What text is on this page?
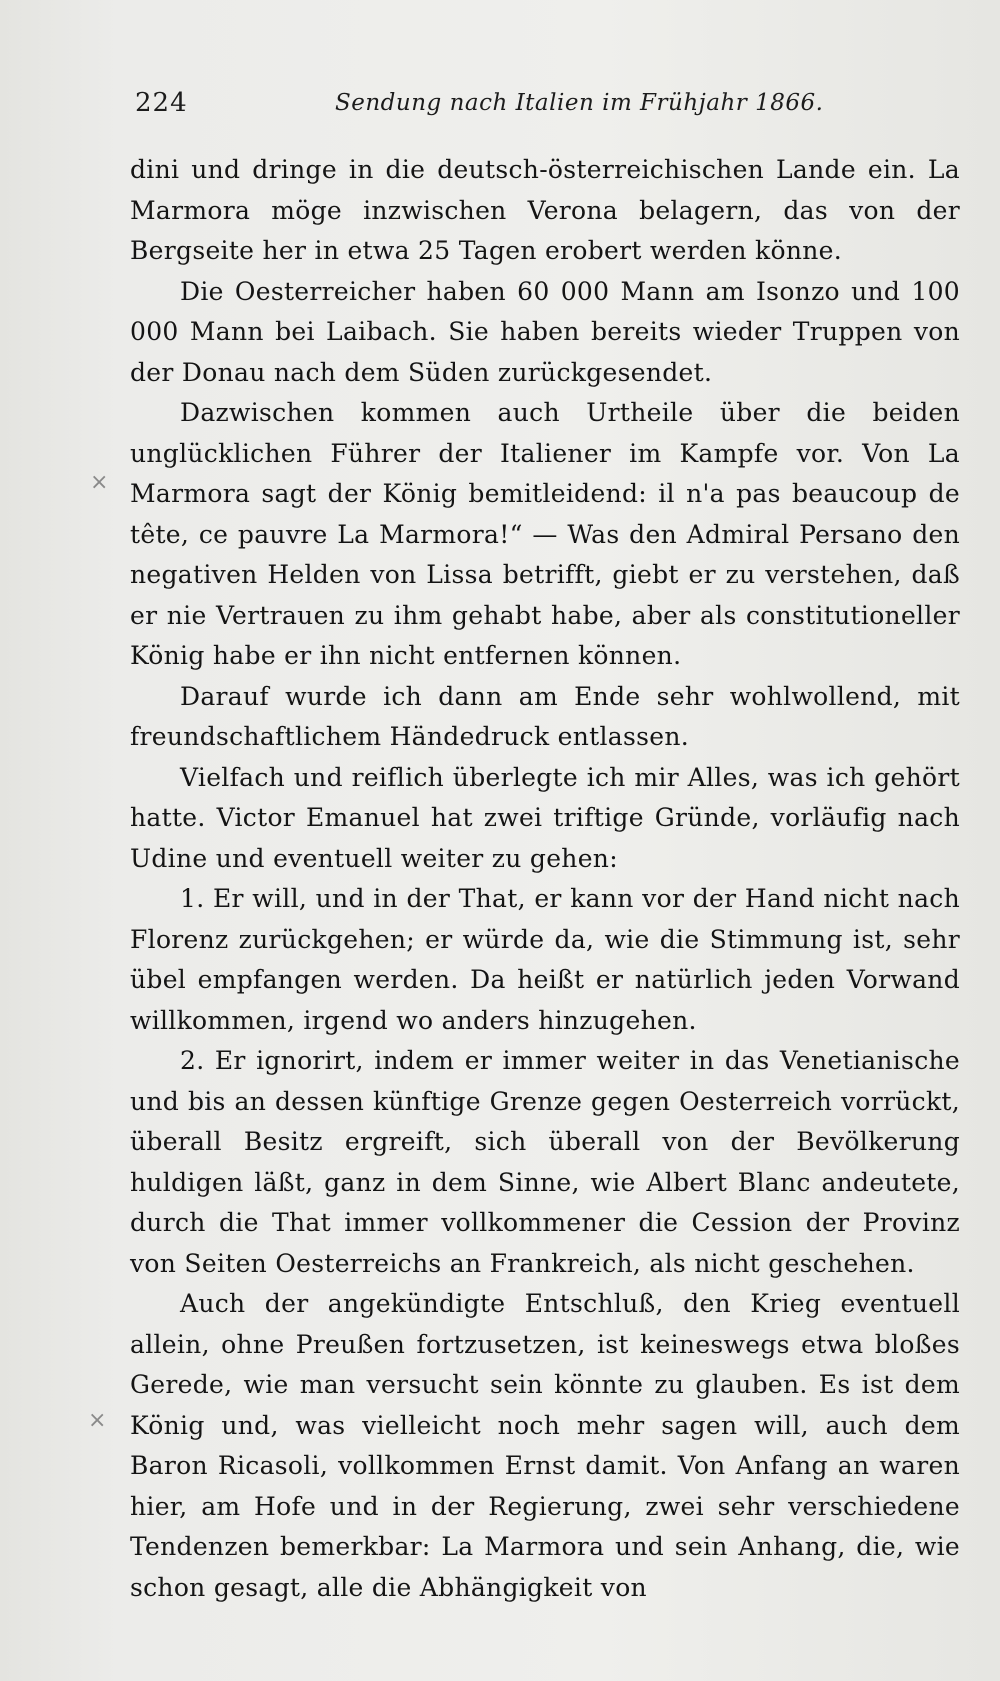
224	Sendung nach Italien im Frühjahr 1866.
×
×

dini und dringe in die deutsch-österreichischen Lande ein. La Marmora möge inzwischen Verona belagern, das von der Bergseite her in etwa 25 Tagen erobert werden könne.

Die Oesterreicher haben 60 000 Mann am Isonzo und 100 000 Mann bei Laibach. Sie haben bereits wieder Truppen von der Donau nach dem Süden zurückgesendet.

Dazwischen kommen auch Urtheile über die beiden unglücklichen Führer der Italiener im Kampfe vor. Von La Marmora sagt der König bemitleidend: il n'a pas beaucoup de tête, ce pauvre La Marmora!“ — Was den Admiral Persano den negativen Helden von Lissa betrifft, giebt er zu verstehen, daß er nie Vertrauen zu ihm gehabt habe, aber als constitutioneller König habe er ihn nicht entfernen können.

Darauf wurde ich dann am Ende sehr wohlwollend, mit freundschaftlichem Händedruck entlassen.

Vielfach und reiflich überlegte ich mir Alles, was ich gehört hatte. Victor Emanuel hat zwei triftige Gründe, vorläufig nach Udine und eventuell weiter zu gehen:

1. Er will, und in der That, er kann vor der Hand nicht nach Florenz zurückgehen; er würde da, wie die Stimmung ist, sehr übel empfangen werden. Da heißt er natürlich jeden Vorwand willkommen, irgend wo anders hinzugehen.

2. Er ignorirt, indem er immer weiter in das Venetianische und bis an dessen künftige Grenze gegen Oesterreich vorrückt, überall Besitz ergreift, sich überall von der Bevölkerung huldigen läßt, ganz in dem Sinne, wie Albert Blanc andeutete, durch die That immer vollkommener die Cession der Provinz von Seiten Oesterreichs an Frankreich, als nicht geschehen.

Auch der angekündigte Entschluß, den Krieg eventuell allein, ohne Preußen fortzusetzen, ist keineswegs etwa bloßes Gerede, wie man versucht sein könnte zu glauben. Es ist dem König und, was vielleicht noch mehr sagen will, auch dem Baron Ricasoli, vollkommen Ernst damit. Von Anfang an waren hier, am Hofe und in der Regierung, zwei sehr verschiedene Tendenzen bemerkbar: La Marmora und sein Anhang, die, wie schon gesagt, alle die Abhängigkeit von
